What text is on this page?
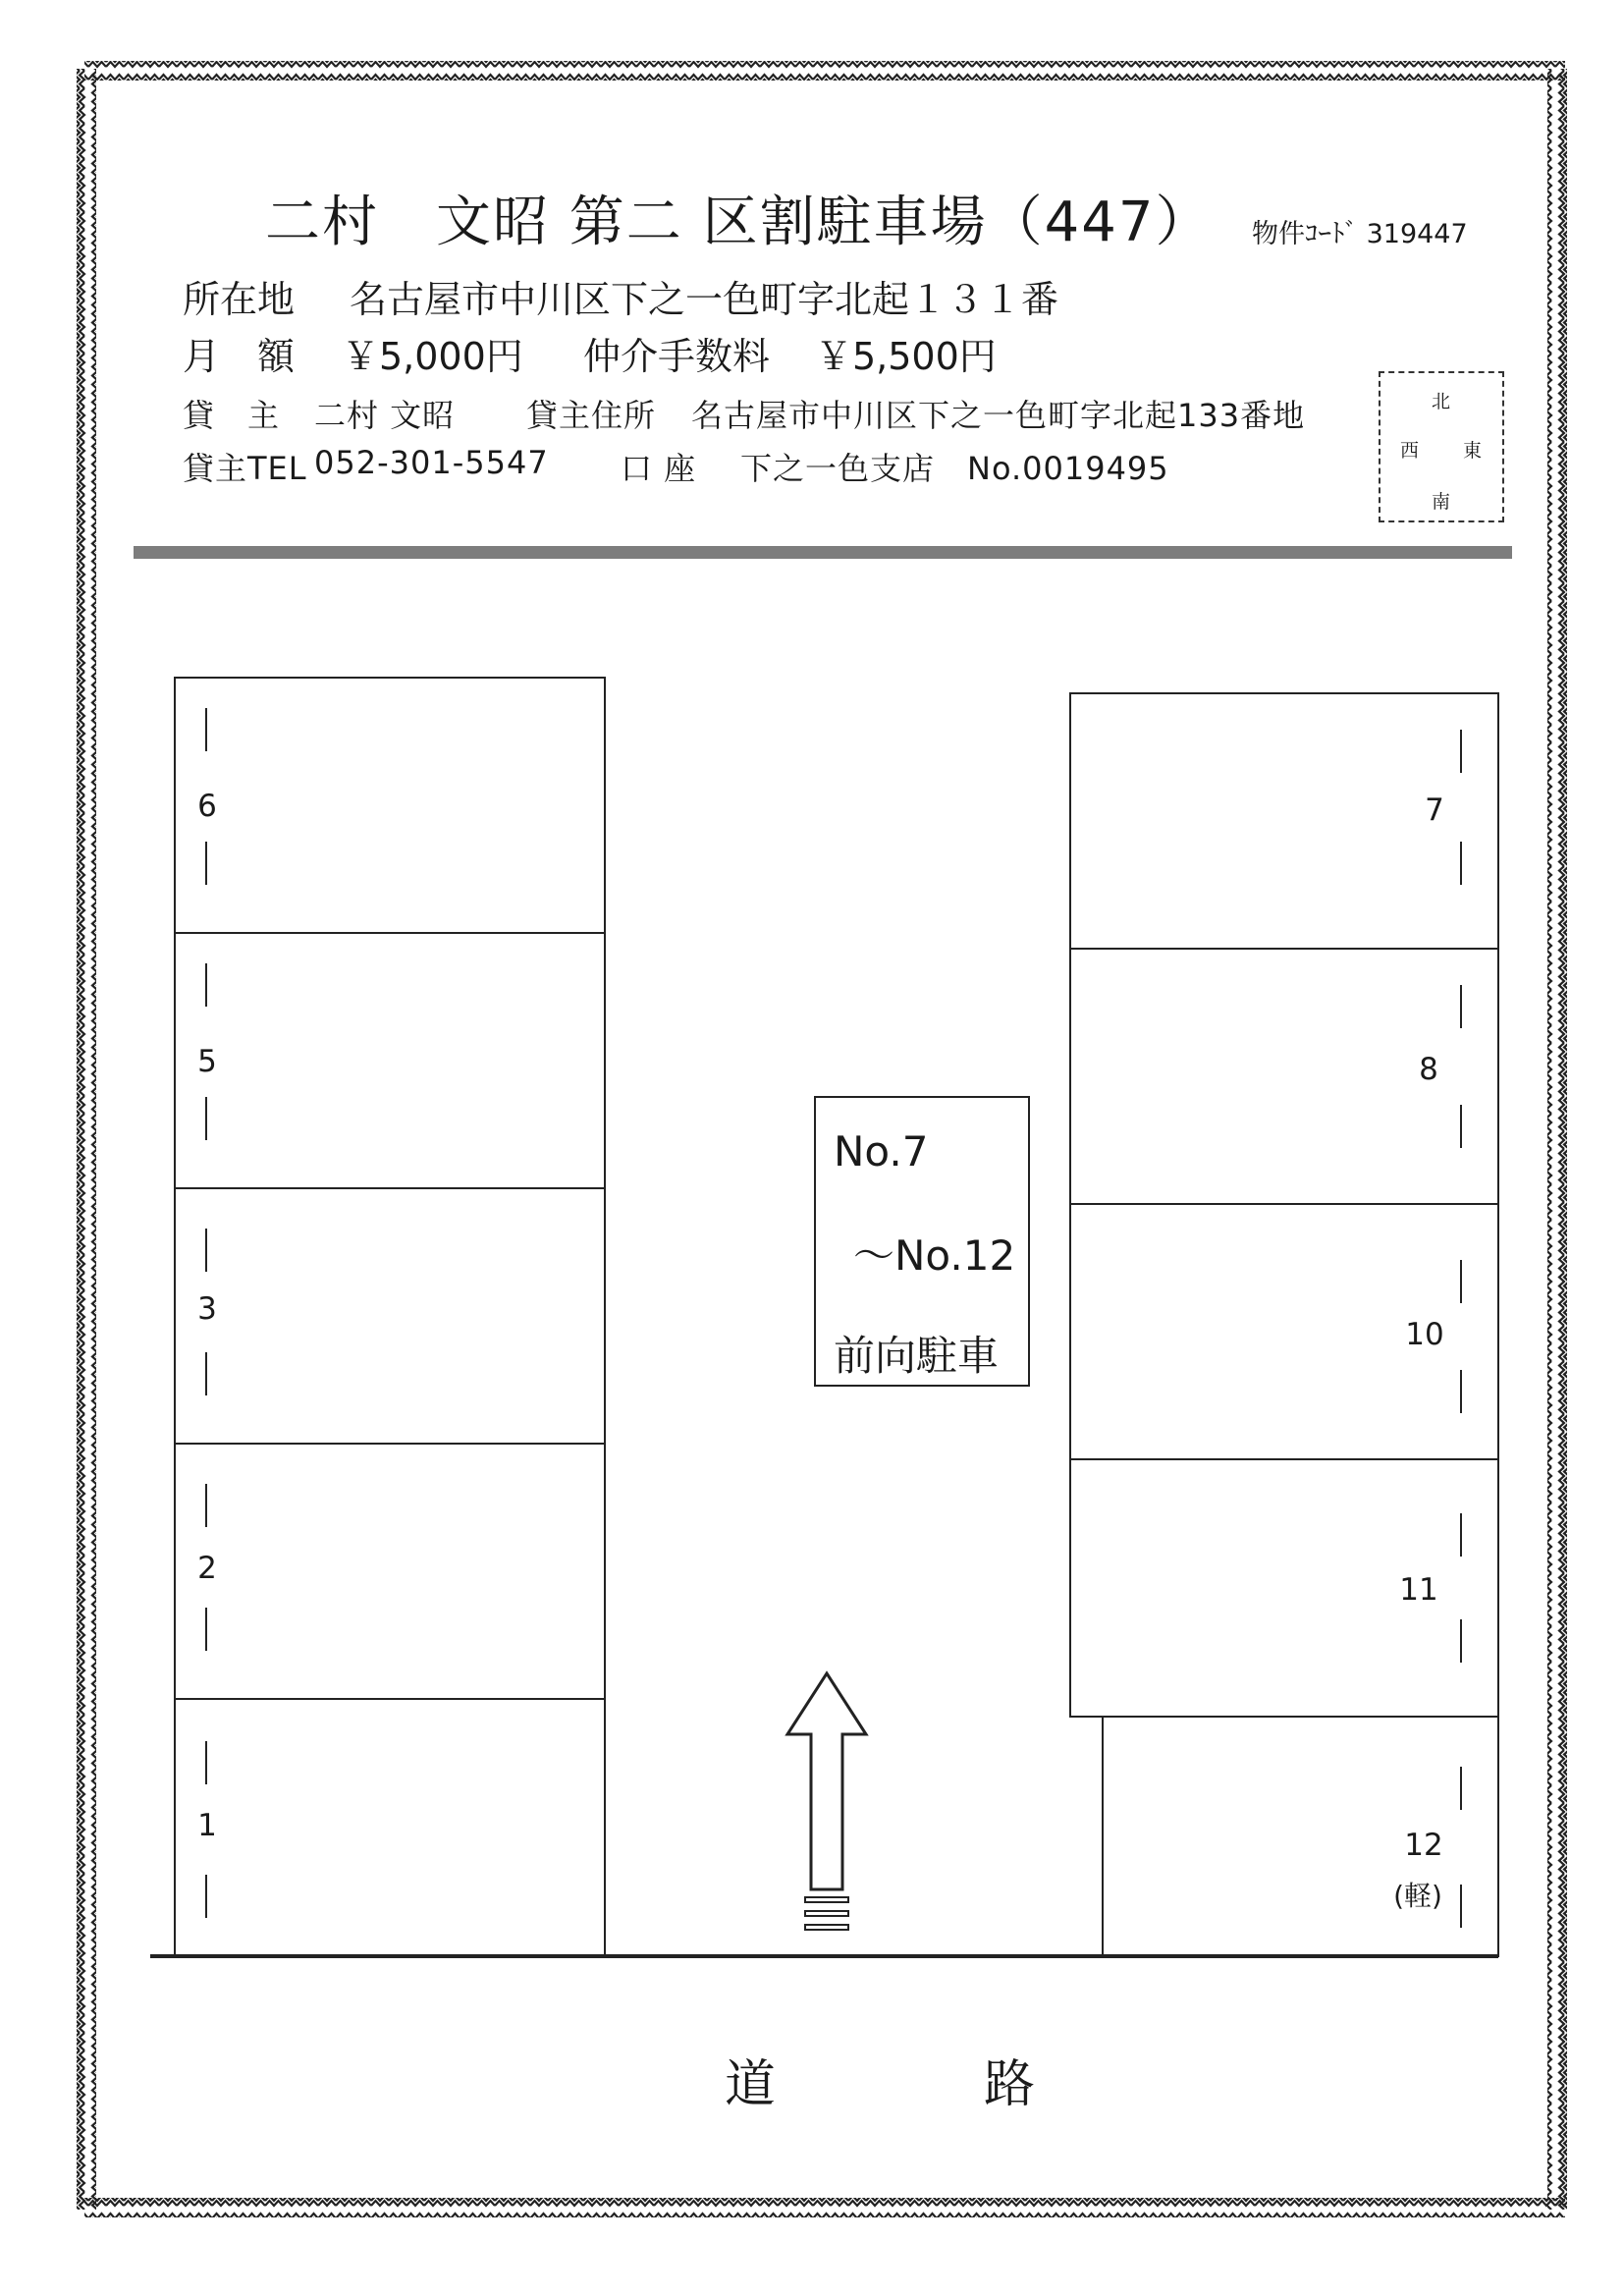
二村　文昭 第二 区割駐車場（447） 物件ｺｰﾄﾞ 319447
所在地 名古屋市中川区下之一色町字北起１３１番
月　額 ￥5,000円 仲介手数料 ￥5,500円
貸　主 二村 文昭 貸主住所 名古屋市中川区下之一色町字北起133番地
貸主TEL 052-301-5547 口 座 下之一色支店　No.0019495
北
西 東
南
6
5
3
2
1
7
8
10
11
12
(軽)
No.7
～No.12
前向駐車
道　路
